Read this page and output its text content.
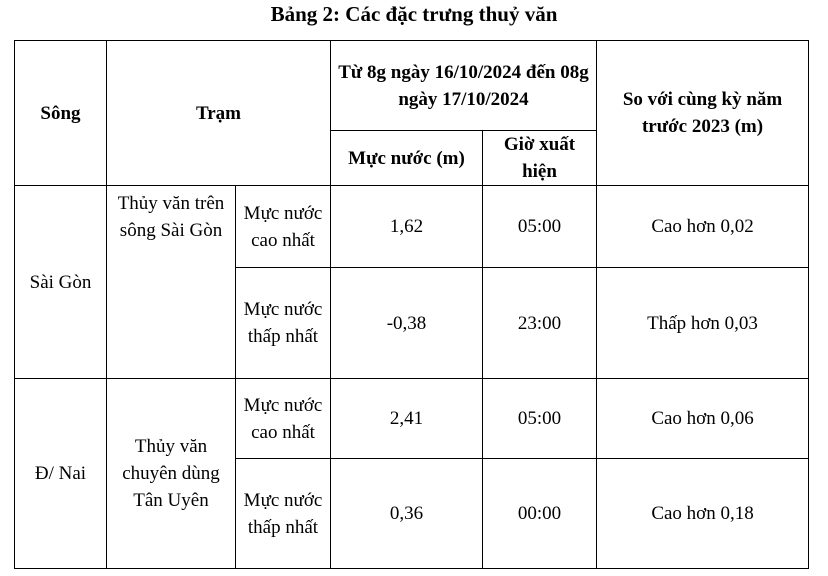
Bảng 2: Các đặc trưng thuỷ văn
Sông	Trạm		Từ 8g ngày 16/10/2024 đến 08g ngày 17/10/2024		So với cùng kỳ năm trước 2023 (m)
			Mực nước (m)	Giờ xuất hiện	
Sài Gòn	Thủy văn trên sông Sài Gòn	Mực nước cao nhất	1,62	05:00	Cao hơn 0,02
		Mực nước thấp nhất	-0,38	23:00	Thấp hơn 0,03
Đ/ Nai	Thủy văn chuyên dùng Tân Uyên	Mực nước cao nhất	2,41	05:00	Cao hơn 0,06
		Mực nước thấp nhất	0,36	00:00	Cao hơn 0,18
